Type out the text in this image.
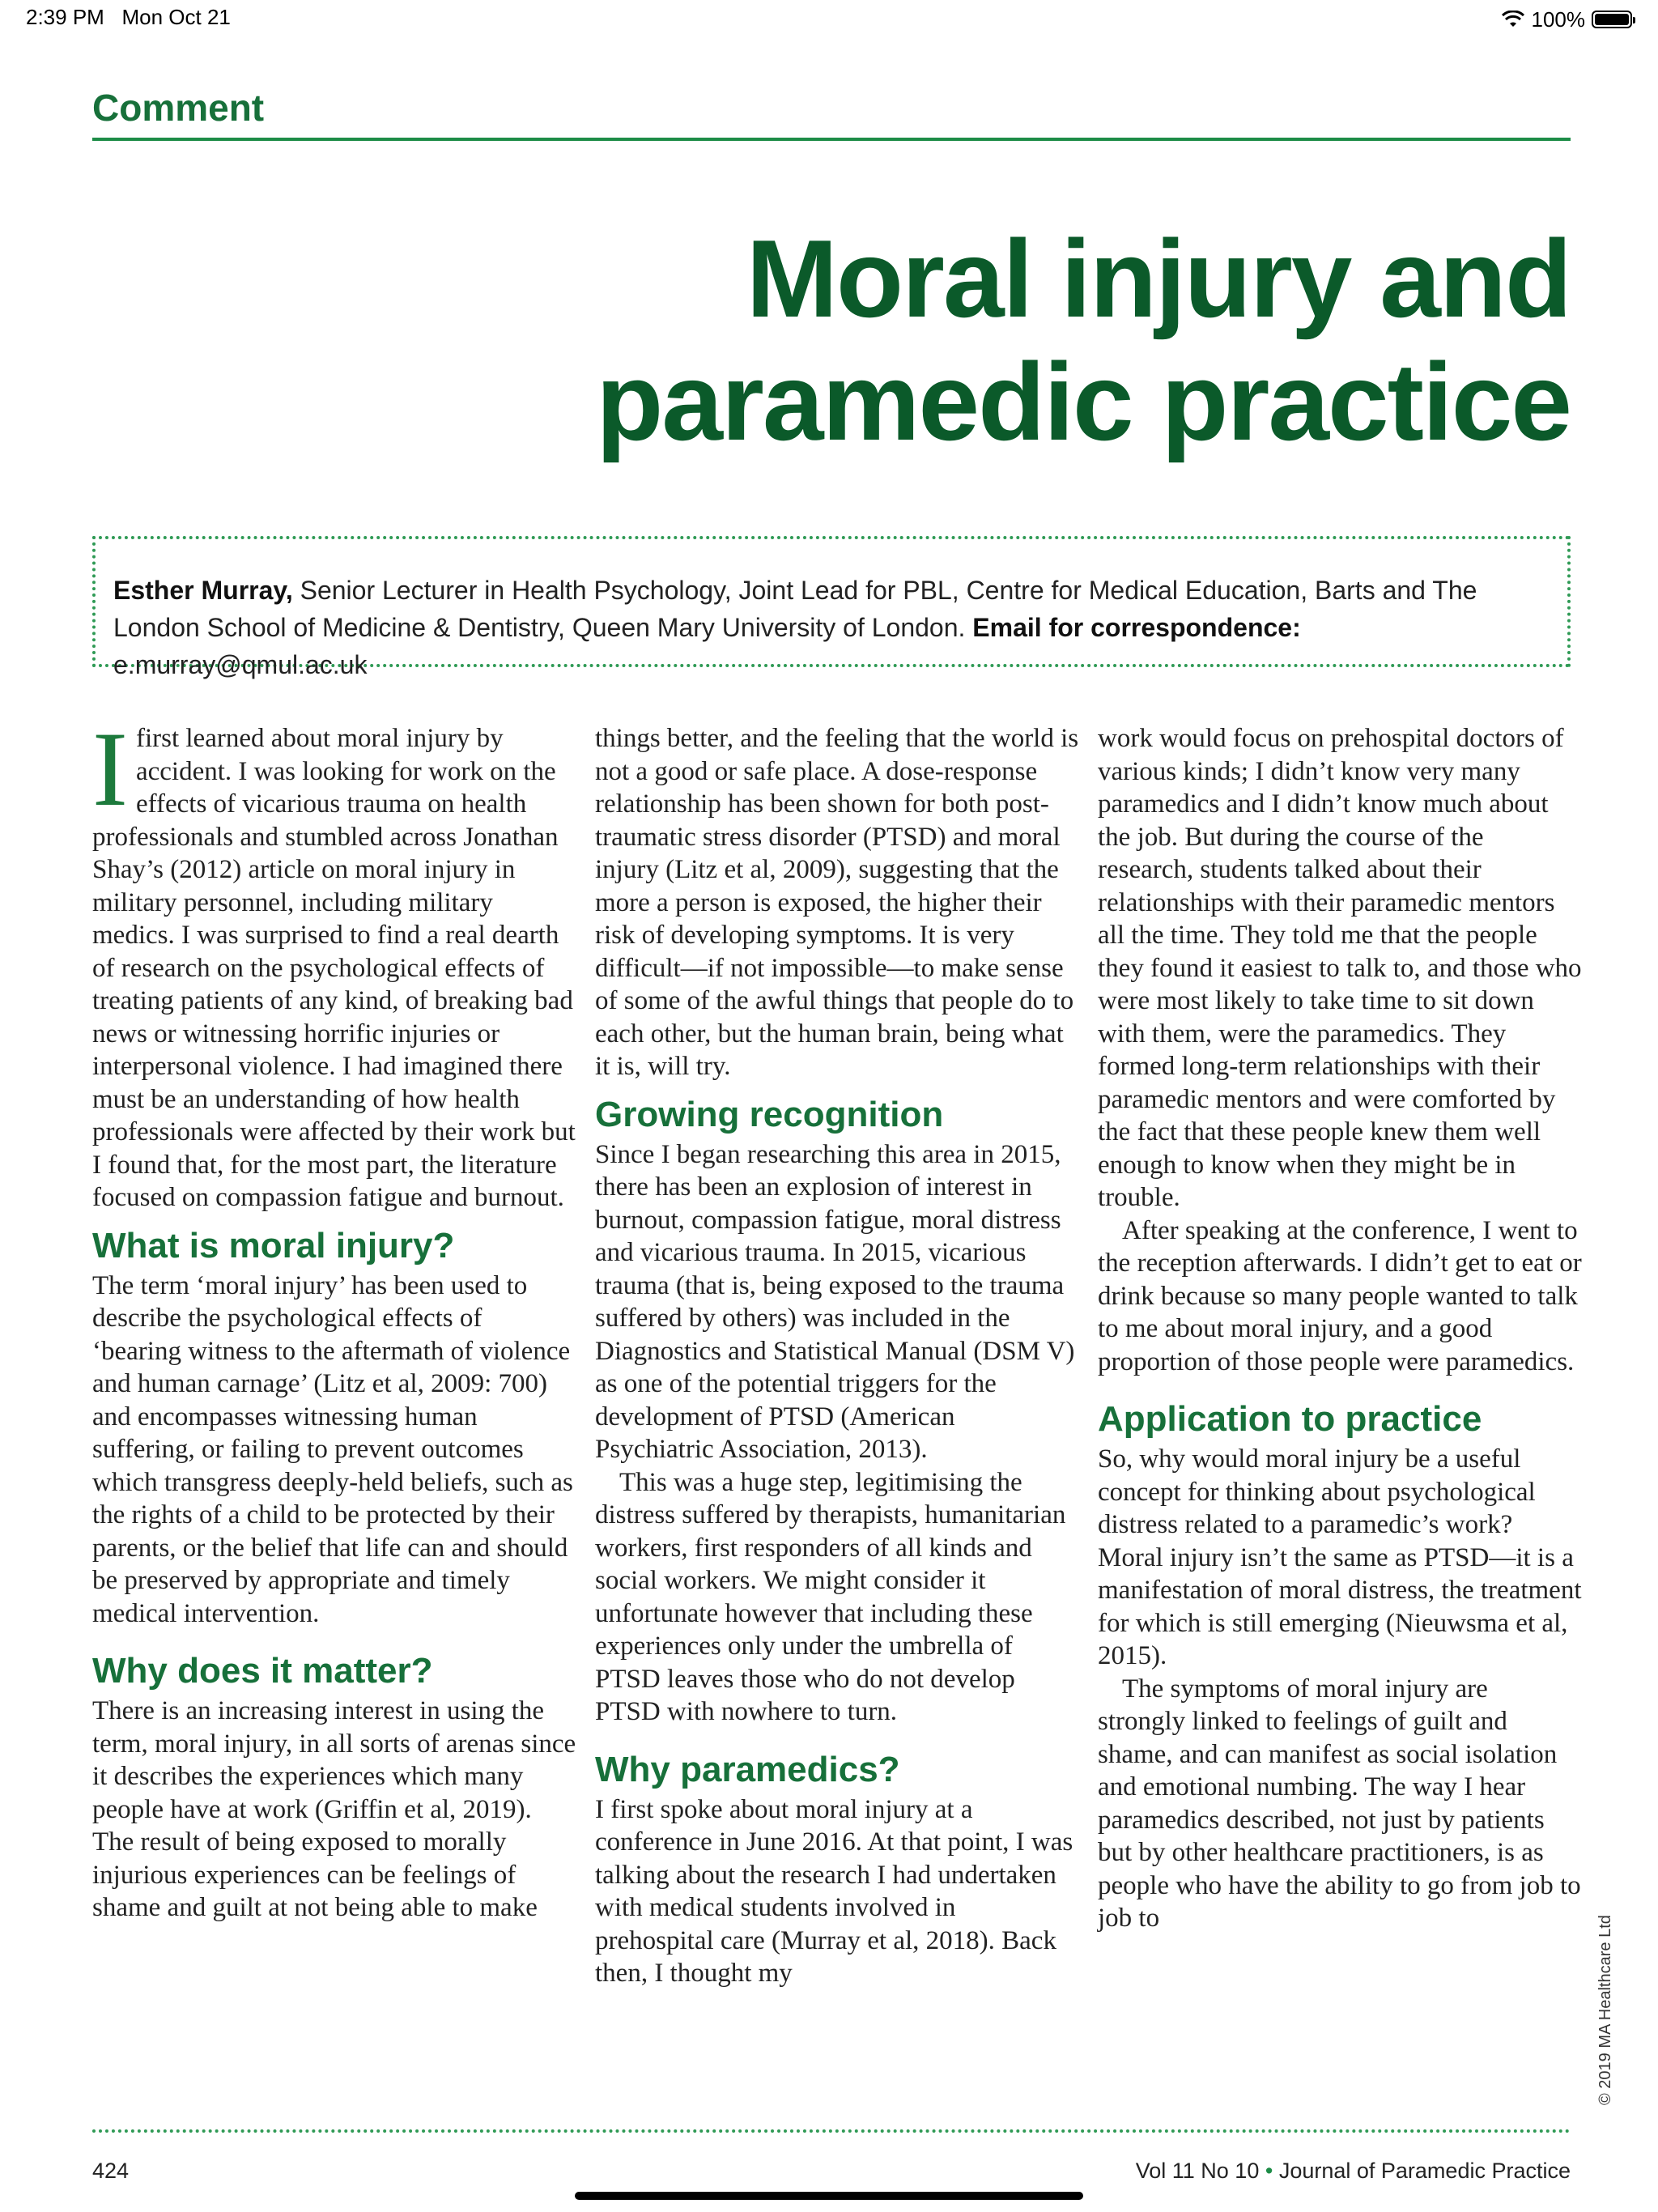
2:39 PM Mon Oct 21	100%
Comment
Moral injury and
paramedic practice
Esther Murray, Senior Lecturer in Health Psychology, Joint Lead for PBL, Centre for Medical Education, Barts and The London School of Medicine & Dentistry, Queen Mary University of London. Email for correspondence: e.murray@qmul.ac.uk

Ifirst learned about moral injury by accident. I was looking for work on the effects of vicarious trauma on health professionals and stumbled across Jonathan Shay’s (2012) article on moral injury in military personnel, including military medics. I was surprised to find a real dearth of research on the psychological effects of treating patients of any kind, of breaking bad news or witnessing horrific injuries or interpersonal violence. I had imagined there must be an understanding of how health professionals were affected by their work but I found that, for the most part, the literature focused on compassion fatigue and burnout.

What is moral injury?

The term ‘moral injury’ has been used to describe the psychological effects of ‘bearing witness to the aftermath of violence and human carnage’ (Litz et al, 2009: 700) and encompasses witnessing human suffering, or failing to prevent outcomes which transgress deeply-held beliefs, such as the rights of a child to be protected by their parents, or the belief that life can and should be preserved by appropriate and timely medical intervention.

Why does it matter?

There is an increasing interest in using the term, moral injury, in all sorts of arenas since it describes the experiences which many people have at work (Griffin et al, 2019). The result of being exposed to morally injurious experiences can be feelings of shame and guilt at not being able to make

things better, and the feeling that the world is not a good or safe place. A dose-response relationship has been shown for both post-traumatic stress disorder (PTSD) and moral injury (Litz et al, 2009), suggesting that the more a person is exposed, the higher their risk of developing symptoms. It is very difficult—if not impossible—to make sense of some of the awful things that people do to each other, but the human brain, being what it is, will try.

Growing recognition

Since I began researching this area in 2015, there has been an explosion of interest in burnout, compassion fatigue, moral distress and vicarious trauma. In 2015, vicarious trauma (that is, being exposed to the trauma suffered by others) was included in the Diagnostics and Statistical Manual (DSM V) as one of the potential triggers for the development of PTSD (American Psychiatric Association, 2013).

This was a huge step, legitimising the distress suffered by therapists, humanitarian workers, first responders of all kinds and social workers. We might consider it unfortunate however that including these experiences only under the umbrella of PTSD leaves those who do not develop PTSD with nowhere to turn.

Why paramedics?

I first spoke about moral injury at a conference in June 2016. At that point, I was talking about the research I had undertaken with medical students involved in prehospital care (Murray et al, 2018). Back then, I thought my

work would focus on prehospital doctors of various kinds; I didn’t know very many paramedics and I didn’t know much about the job. But during the course of the research, students talked about their relationships with their paramedic mentors all the time. They told me that the people they found it easiest to talk to, and those who were most likely to take time to sit down with them, were the paramedics. They formed long-term relationships with their paramedic mentors and were comforted by the fact that these people knew them well enough to know when they might be in trouble.

After speaking at the conference, I went to the reception afterwards. I didn’t get to eat or drink because so many people wanted to talk to me about moral injury, and a good proportion of those people were paramedics.

Application to practice

So, why would moral injury be a useful concept for thinking about psychological distress related to a paramedic’s work? Moral injury isn’t the same as PTSD—it is a manifestation of moral distress, the treatment for which is still emerging (Nieuwsma et al, 2015).

The symptoms of moral injury are strongly linked to feelings of guilt and shame, and can manifest as social isolation and emotional numbing. The way I hear paramedics described, not just by patients but by other healthcare practitioners, is as people who have the ability to go from job to job to	© 2019 MA Healthcare Ltd
424	Vol 11 No 10 • Journal of Paramedic Practice
